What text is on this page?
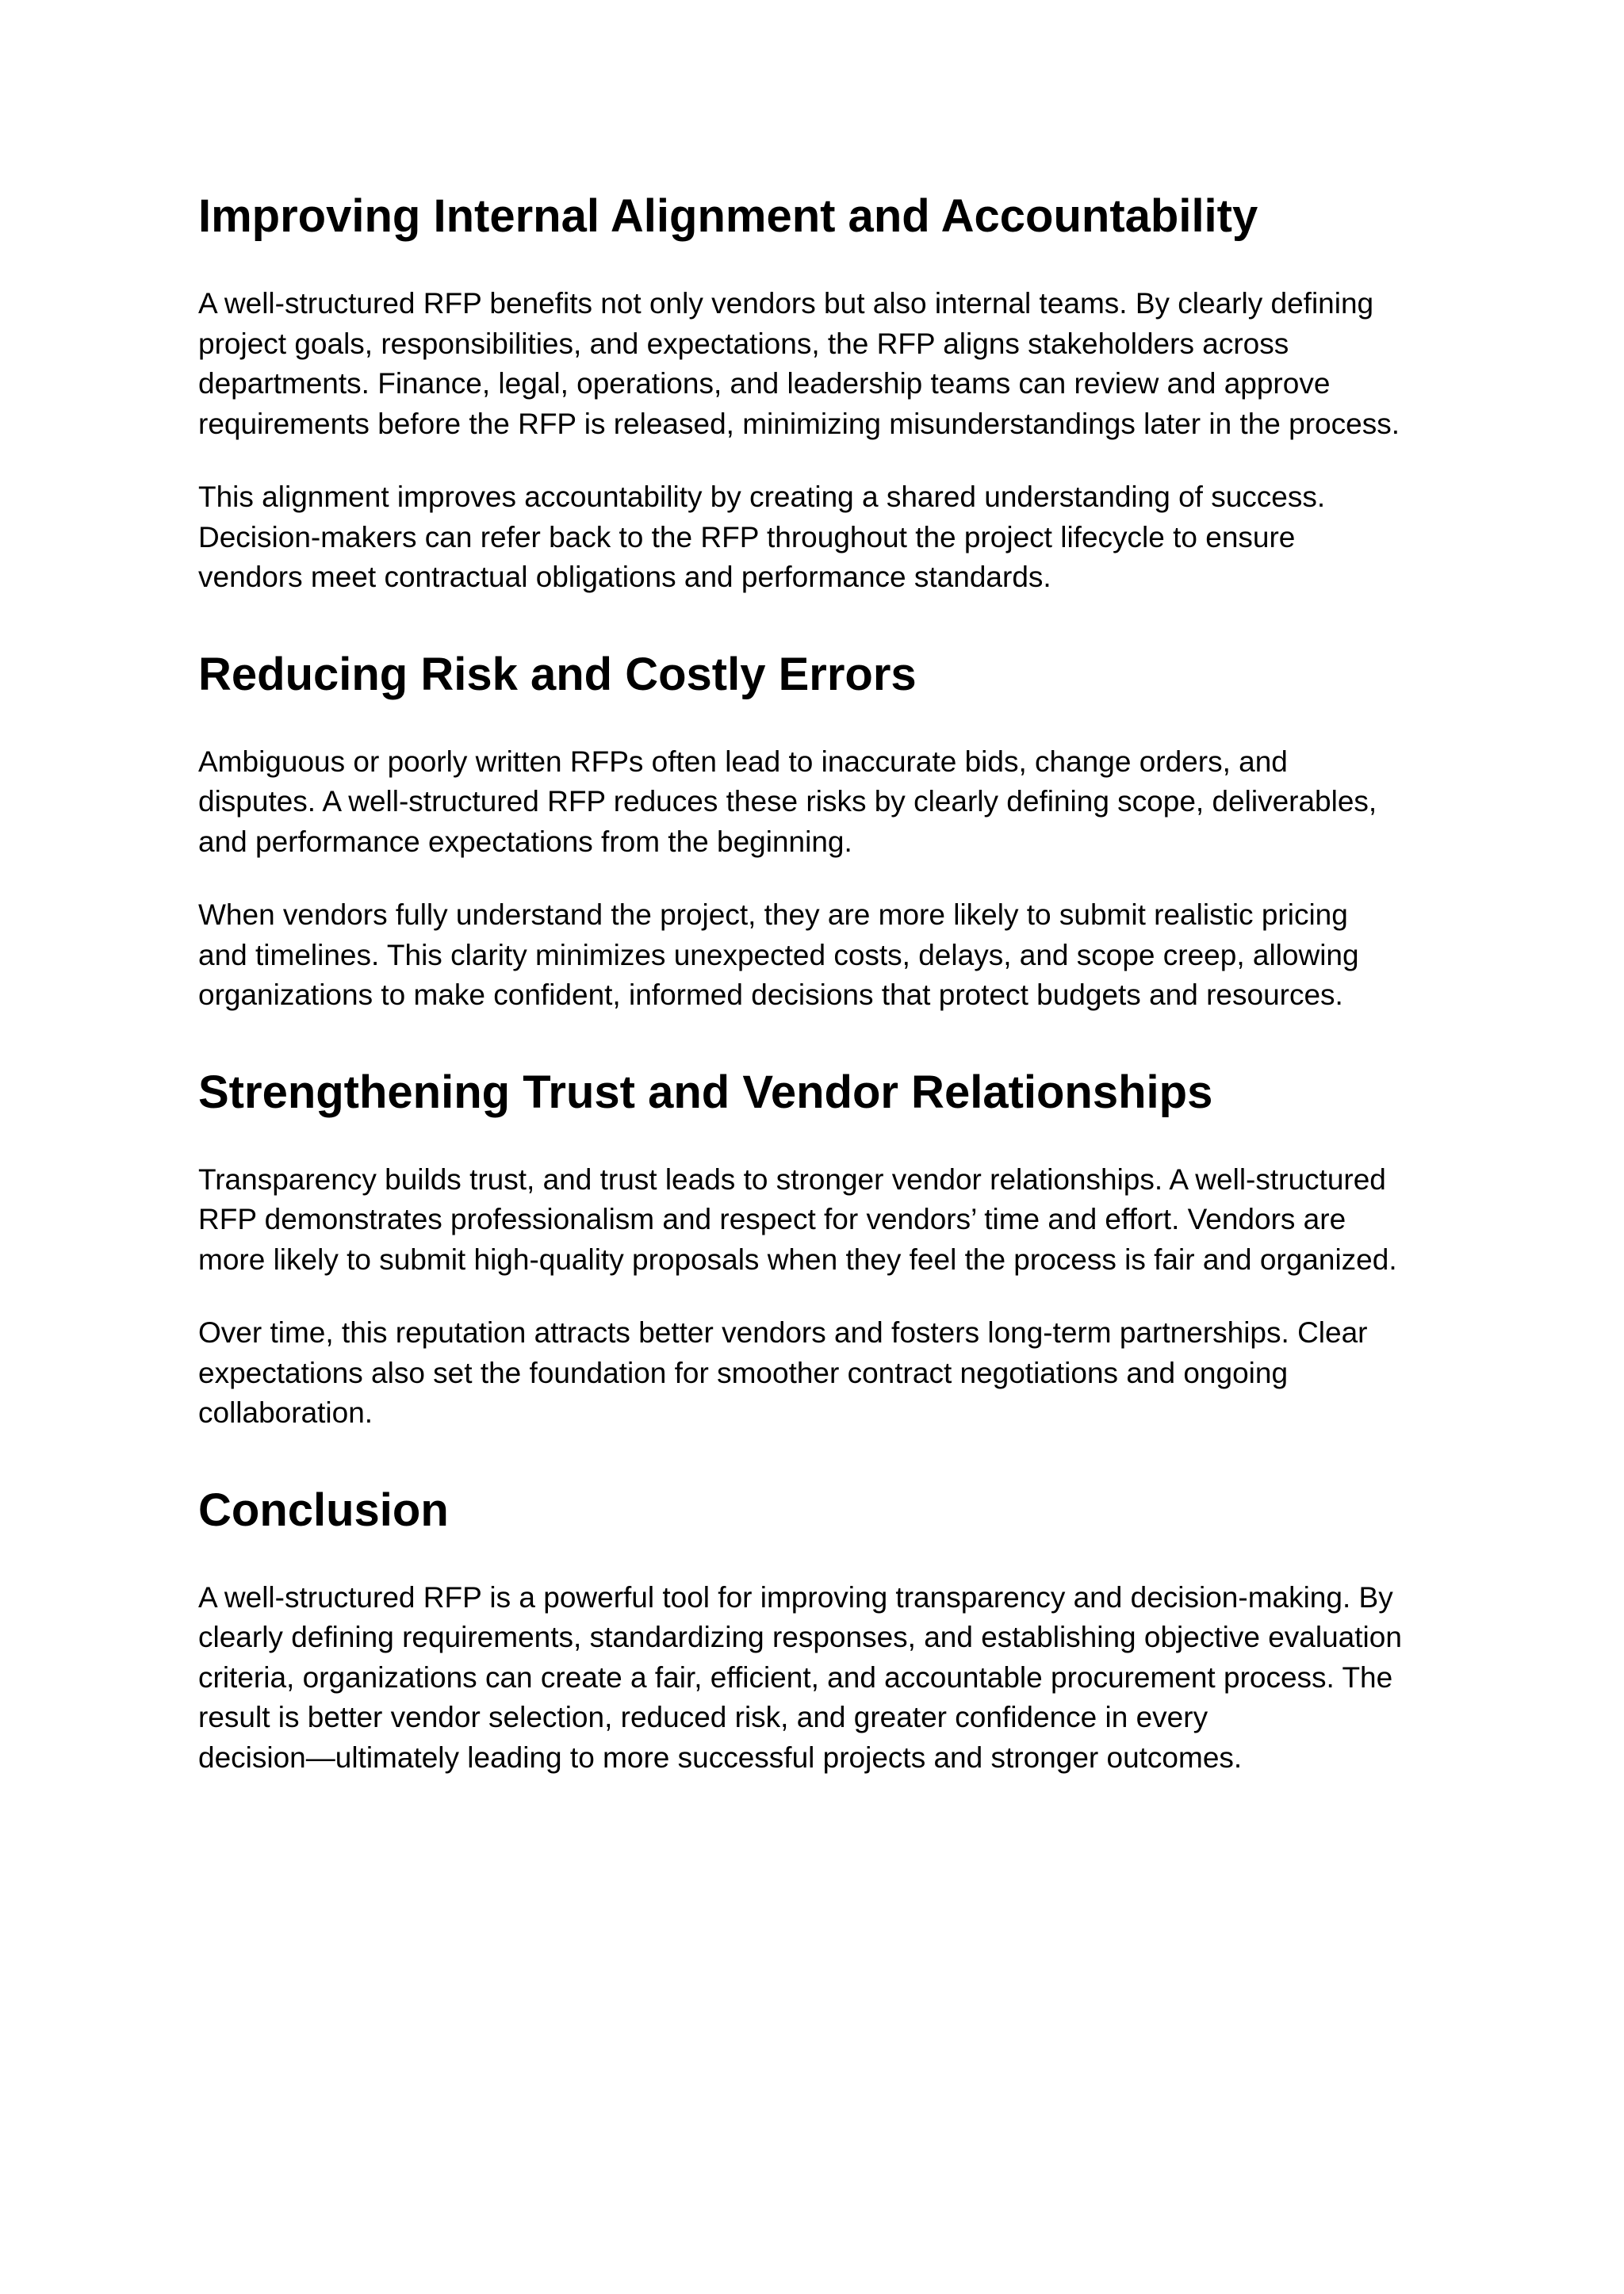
Improving Internal Alignment and Accountability

A well-structured RFP benefits not only vendors but also internal teams. By clearly defining
project goals, responsibilities, and expectations, the RFP aligns stakeholders across
departments. Finance, legal, operations, and leadership teams can review and approve
requirements before the RFP is released, minimizing misunderstandings later in the process.

This alignment improves accountability by creating a shared understanding of success.
Decision-makers can refer back to the RFP throughout the project lifecycle to ensure
vendors meet contractual obligations and performance standards.

Reducing Risk and Costly Errors

Ambiguous or poorly written RFPs often lead to inaccurate bids, change orders, and
disputes. A well-structured RFP reduces these risks by clearly defining scope, deliverables,
and performance expectations from the beginning.

When vendors fully understand the project, they are more likely to submit realistic pricing
and timelines. This clarity minimizes unexpected costs, delays, and scope creep, allowing
organizations to make confident, informed decisions that protect budgets and resources.

Strengthening Trust and Vendor Relationships

Transparency builds trust, and trust leads to stronger vendor relationships. A well-structured
RFP demonstrates professionalism and respect for vendors’ time and effort. Vendors are
more likely to submit high-quality proposals when they feel the process is fair and organized.

Over time, this reputation attracts better vendors and fosters long-term partnerships. Clear
expectations also set the foundation for smoother contract negotiations and ongoing
collaboration.

Conclusion

A well-structured RFP is a powerful tool for improving transparency and decision-making. By
clearly defining requirements, standardizing responses, and establishing objective evaluation
criteria, organizations can create a fair, efficient, and accountable procurement process. The
result is better vendor selection, reduced risk, and greater confidence in every
decision—ultimately leading to more successful projects and stronger outcomes.
